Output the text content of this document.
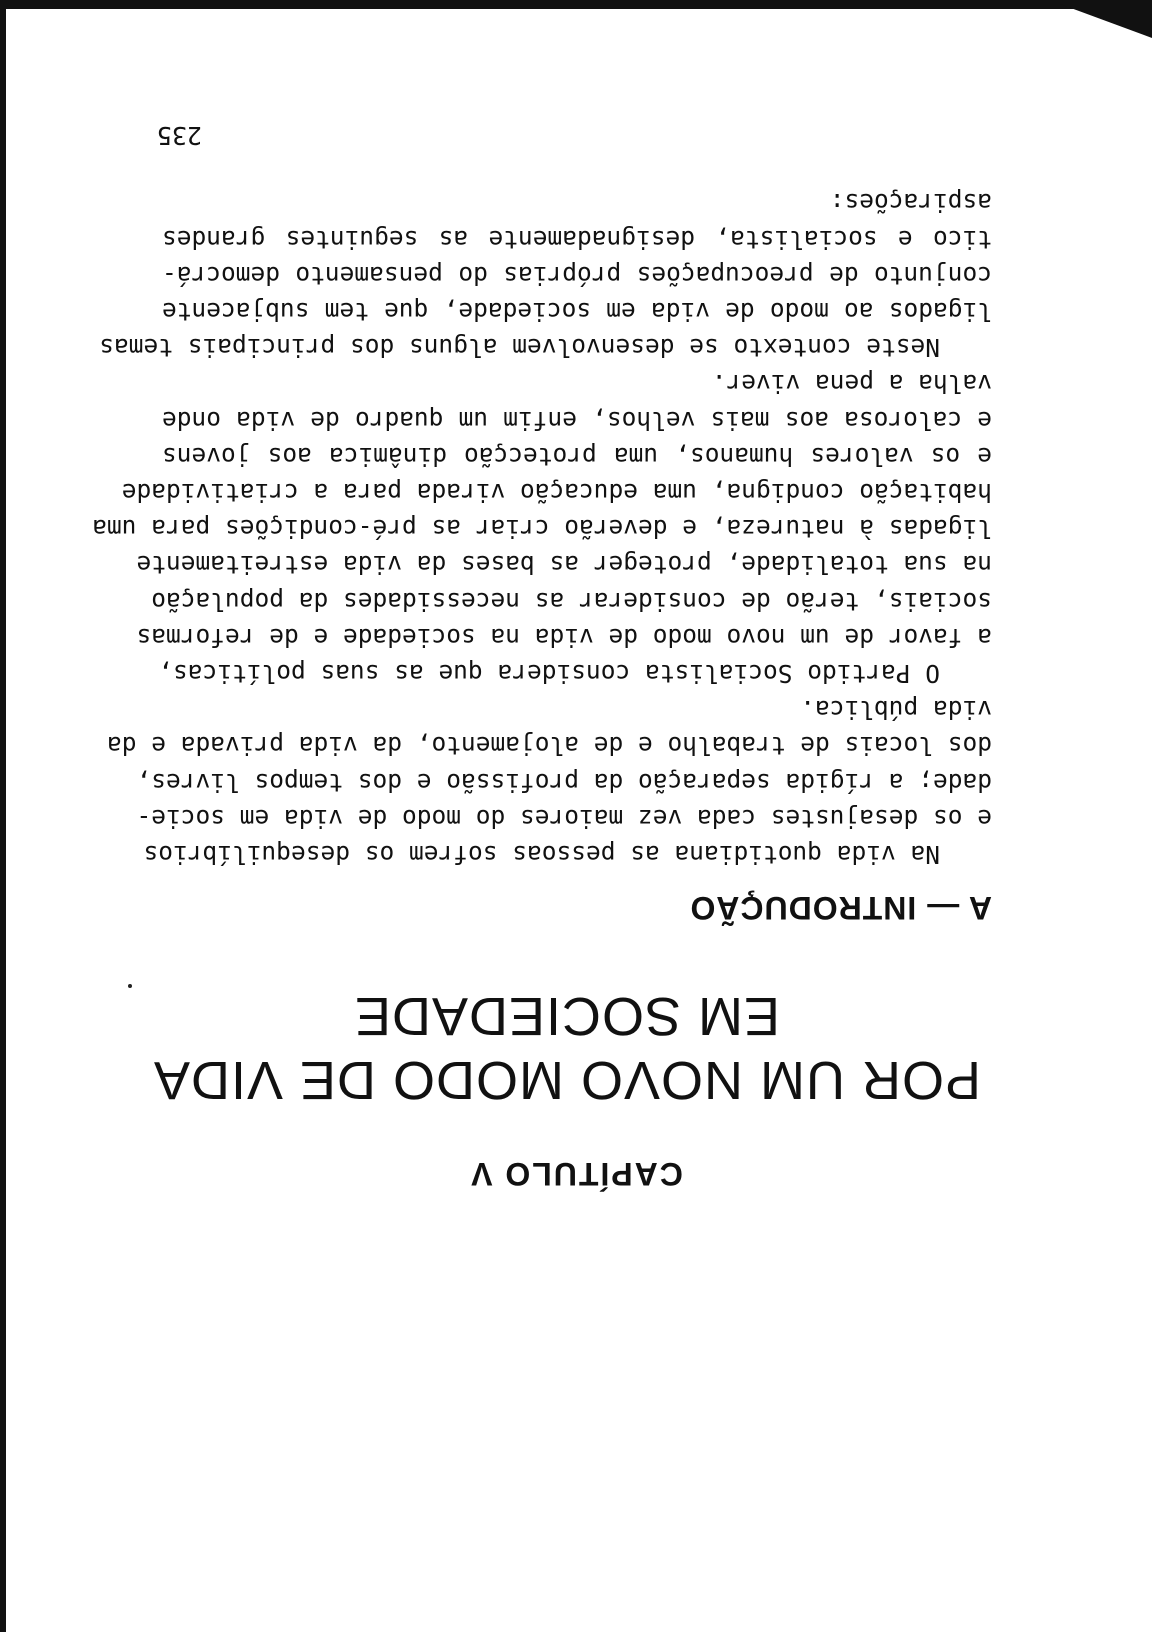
CAPÍTULO V
POR UM NOVO MODO DE VIDA
EM SOCIEDADE
A — INTRODUÇÃO
Na vida quotidiana as pessoas sofrem os desequilíbrios
e os desajustes cada vez maiores do modo de vida em socie-
dade; a rígida separação da profissão e dos tempos livres,
dos locais de trabalho e de alojamento, da vida privada e da
vida pública.
O Partido Socialista considera que as suas políticas,
a favor de um novo modo de vida na sociedade e de reformas
sociais, terão de considerar as necessidades da população
na sua totalidade, proteger as bases da vida estreitamente
ligadas à natureza, e deverão criar as pré-condições para uma
habitação condigna, uma educação virada para a criatividade
e os valores humanos, uma protecção dinâmica aos jovens
e calorosa aos mais velhos, enfim um quadro de vida onde
valha a pena viver.
Neste contexto se desenvolvem alguns dos principais temas
ligados ao modo de vida em sociedade, que tem subjacente
conjunto de preocupações próprias do pensamento democrá-
tico e socialista, designadamente as seguintes grandes
aspirações:
235
